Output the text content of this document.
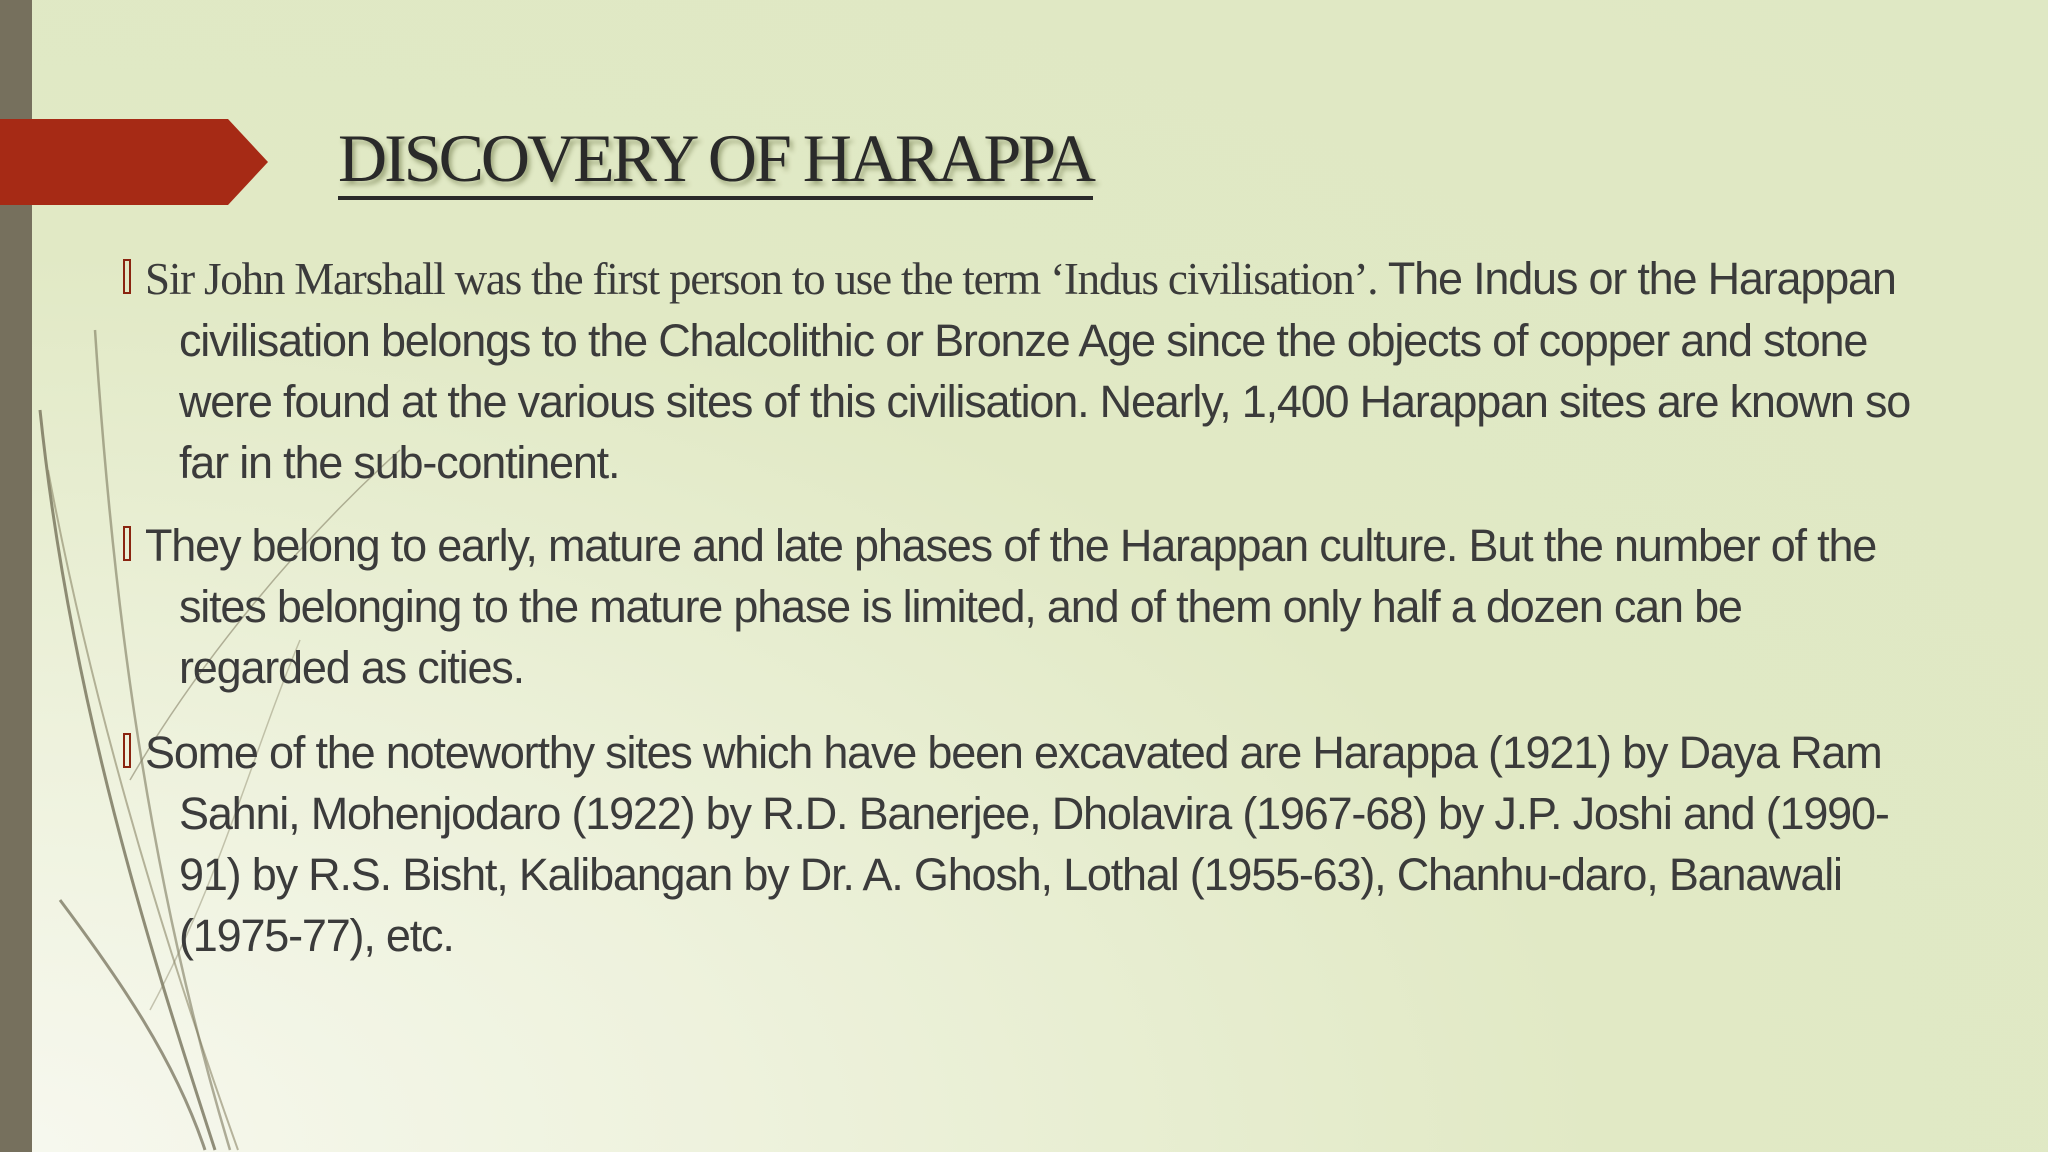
DISCOVERY OF HARAPPA
Sir John Marshall was the first person to use the term ‘Indus civilisation’. The Indus or the Harappan civilisation belongs to the Chalcolithic or Bronze Age since the objects of copper and stone were found at the various sites of this civilisation. Nearly, 1,400 Harappan sites are known so far in the sub-continent.
They belong to early, mature and late phases of the Harappan culture. But the number of the sites belonging to the mature phase is limited, and of them only half a dozen can be regarded as cities.
Some of the noteworthy sites which have been excavated are Harappa (1921) by Daya Ram Sahni, Mohenjodaro (1922) by R.D. Banerjee, Dholavira (1967-68) by J.P. Joshi and (1990-91) by R.S. Bisht, Kalibangan by Dr. A. Ghosh, Lothal (1955-63), Chanhu-daro, Banawali (1975-77), etc.
